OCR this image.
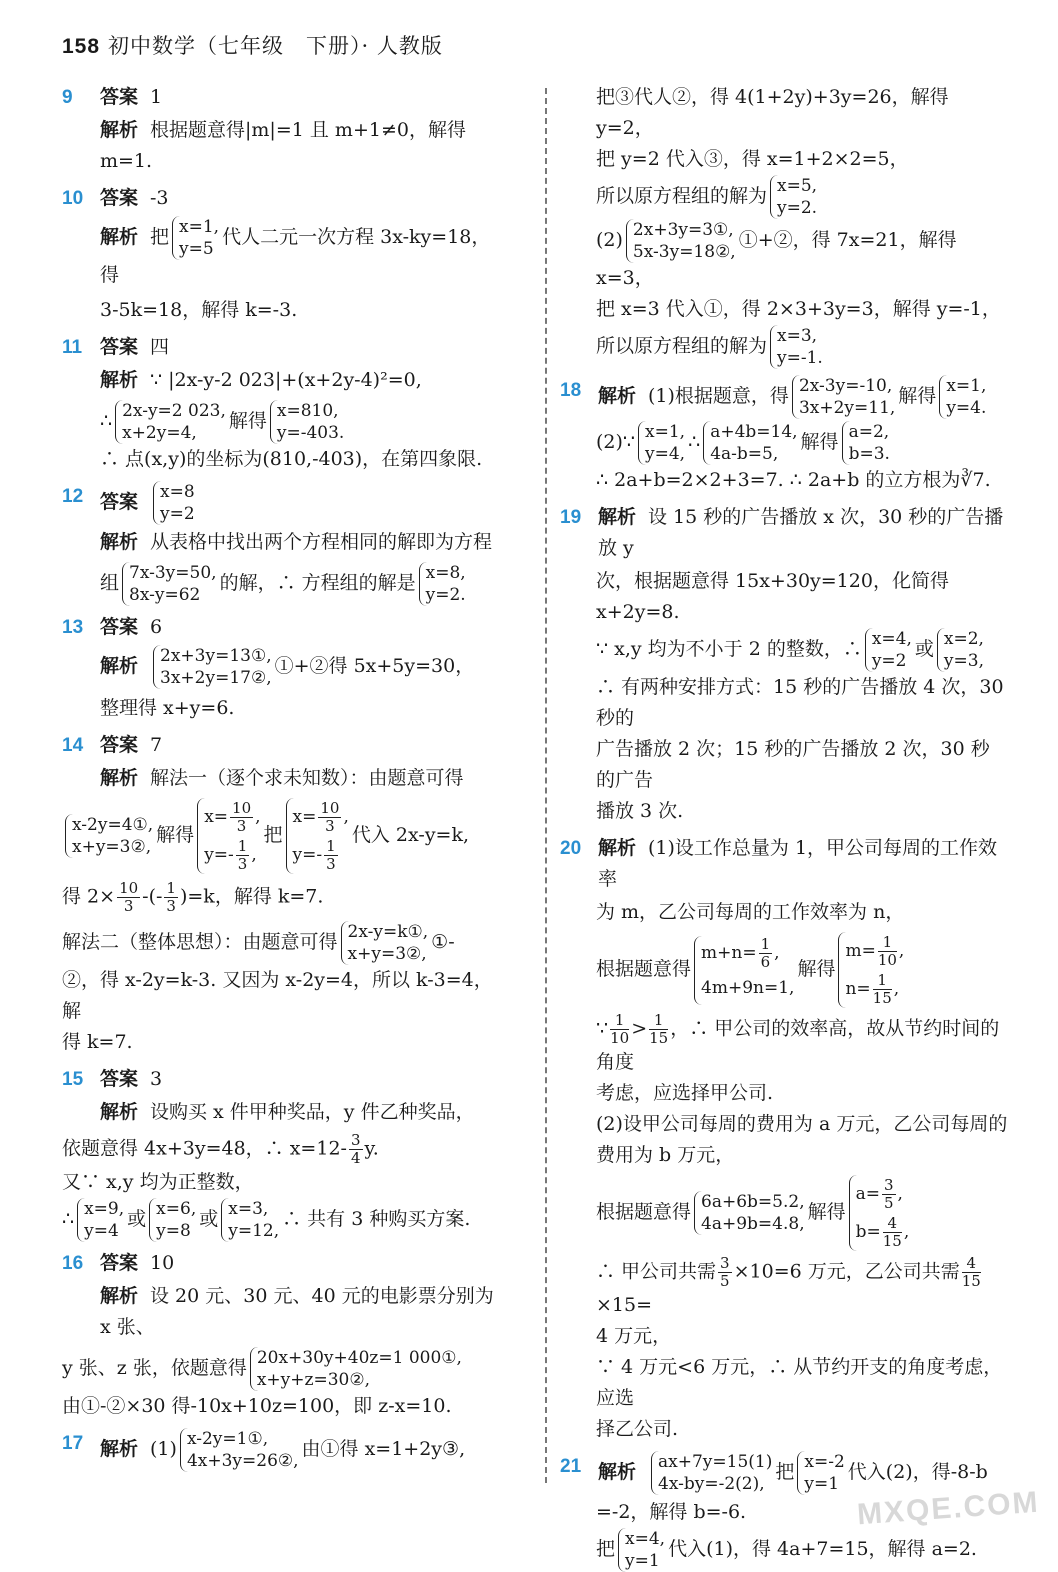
158 初中数学（七年级　下册）· 人教版
9 答案 1
解析 根据题意得|m|=1 且 m+1≠0，解得 m=1.
10 答案 -3
解析 把 x=1,
y=5代人二元一次方程 3x-ky=18，得
3-5k=18，解得 k=-3.
11 答案 四
解析 ∵ |2x-y-2 023|+(x+2y-4)²=0,
∴ 2x-y=2 023,
x+2y=4,解得 x=810,
y=-403.
∴ 点(x,y)的坐标为(810,-403)，在第四象限.
12 答案 x=8
y=2
解析 从表格中找出两个方程相同的解即为方程
组 7x-3y=50,
8x-y=62的解，∴ 方程组的解是 x=8,
y=2.
13 答案 6
解析 2x+3y=13①,
3x+2y=17②,①+②得 5x+5y=30，
整理得 x+y=6.
14 答案 7
解析 解法一（逐个求未知数）：由题意可得
x-2y=4①,
x+y=3②,解得$x= \frac{10}{3}$ ,
$y=- \frac{1}{3}$ ,把$x= \frac{10}{3}$ ,
$y=- \frac{1}{3}$
代入 2x-y=k,
得 $2\times \frac{10}{3}$ -(- $\frac{1}{3} )=k$，解得 k=7.
解法二（整体思想）：由题意可得 2x-y=k①,
x+y=3②,①-
②，得 x-2y=k-3. 又因为 x-2y=4，所以 k-3=4，解
得 k=7.
15 答案 3
解析 设购买 x 件甲种奖品，y 件乙种奖品，
依题意得 4x+3y=48，∴ $x=12- \frac{3}{4} y$.
又∵ x,y 均为正整数，
∴ x=9,
y=4或 x=6,
y=8或 x=3,
y=12,∴ 共有 3 种购买方案.
16 答案 10
解析 设 20 元、30 元、40 元的电影票分别为 x 张、
y 张、z 张，依题意得 20x+30y+40z=1 000①,
x+y+z=30②,
由①-②×30 得-10x+10z=100，即 z-x=10.
17 解析 (1) x-2y=1①,
4x+3y=26②,由①得 x=1+2y③,
把③代人②，得 4(1+2y)+3y=26，解得 y=2，
把 y=2 代入③，得 x=1+2×2=5，
所以原方程组的解为 x=5,
y=2.
(2) 2x+3y=3①,
5x-3y=18②,①+②，得 7x=21，解得 x=3，
把 x=3 代入①，得 2×3+3y=3，解得 y=-1，
所以原方程组的解为 x=3,
y=-1.
18 解析 (1)根据题意，得 2x-3y=-10,
3x+2y=11,解得 x=1,
y=4.
(2)∵ x=1,
y=4,∴ a+4b=14,
4a-b=5,解得 a=2,
b=3.
∴ 2a+b=2×2+3=7. ∴ 2a+b 的立方根为∛7.
19 解析 设 15 秒的广告播放 x 次，30 秒的广告播放 y
次，根据题意得 15x+30y=120，化简得 x+2y=8.
∵ x,y 均为不小于 2 的整数，∴ x=4,
y=2或 x=2,
y=3,
∴ 有两种安排方式：15 秒的广告播放 4 次，30 秒的
广告播放 2 次；15 秒的广告播放 2 次，30 秒的广告
播放 3 次.
20 解析 (1)设工作总量为 1，甲公司每周的工作效率
为 m，乙公司每周的工作效率为 n，
根据题意得$m+n= \frac{1}{6}$ ,
4m+9n=1,解得$m= \frac{1}{10}$ ,
$n= \frac{1}{15}$ ,
∵ $\frac{1}{10} > \frac{1}{15}$ ，∴ 甲公司的效率高，故从节约时间的角度
考虑，应选择甲公司.
(2)设甲公司每周的费用为 a 万元，乙公司每周的
费用为 b 万元，
根据题意得 6a+6b=5.2,
4a+9b=4.8,解得$a= \frac{3}{5}$ ,
$b= \frac{4}{15}$ ,
∴ 甲公司共需 $\frac{3}{5} \times 10=6$ 万元，乙公司共需 $\frac{4}{15}$
×15=
4 万元，
∵ 4 万元<6 万元，∴ 从节约开支的角度考虑，应选
择乙公司.
21 解析 ax+7y=15(1)
4x-by=-2(2),把 x=-2
y=1代入(2)，得-8-b
=-2，解得 b=-6.
把 x=4,
y=1代入(1)，得 4a+7=15，解得 a=2.
MXQE.COM
